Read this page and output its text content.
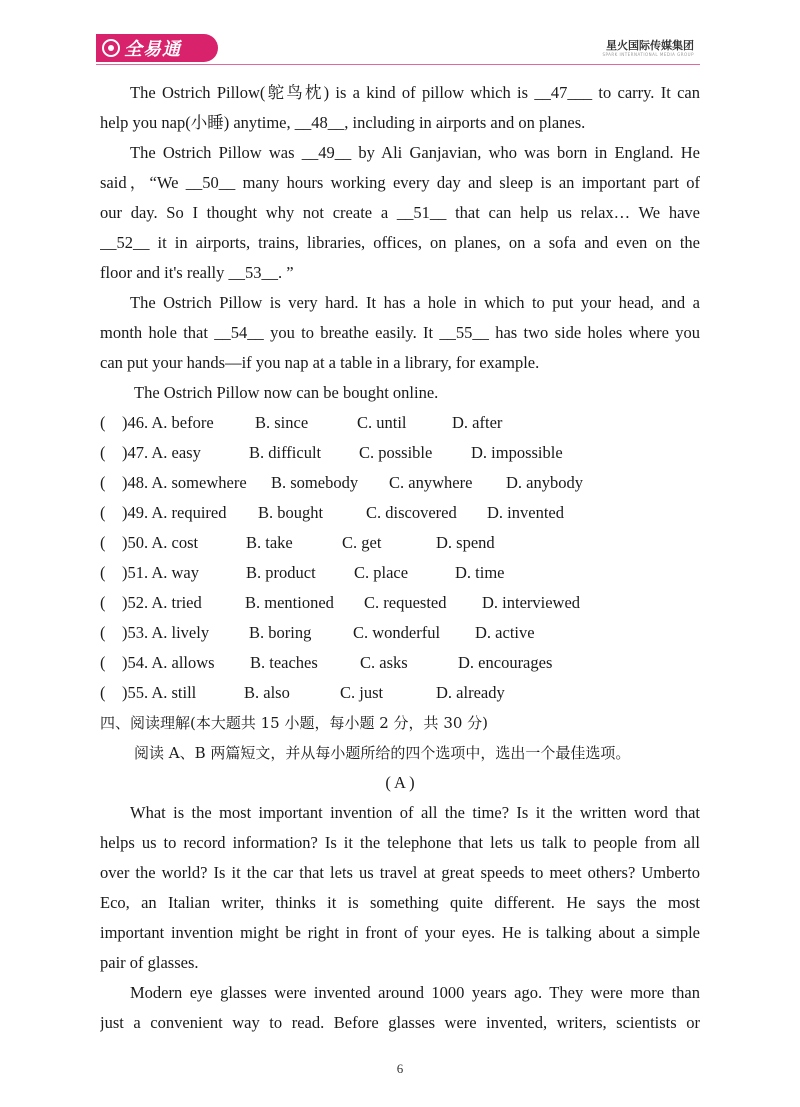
全易通	星火国际传媒集团
SPARK INTERNATIONAL MEDIA GROUP
The Ostrich Pillow(鸵鸟枕) is a kind of pillow which is __47___ to carry. It can
help you nap(小睡) anytime, __48__, including in airports and on planes.
The Ostrich Pillow was __49__ by Ali Ganjavian, who was born in England. He
said，“We __50__ many hours working every day and sleep is an important part of
our day. So I thought why not create a __51__ that can help us relax… We have
__52__ it in airports, trains, libraries, offices, on planes, on a sofa and even on the
floor and it's really __53__. ”
The Ostrich Pillow is very hard. It has a hole in which to put your head, and a
month hole that __54__ you to breathe easily. It __55__ has two side holes where you
can put your hands—if you nap at a table in a library, for example.
The Ostrich Pillow now can be bought online.
( )46. A. before	B. since	C. until	D. after
( )47. A. easy	B. difficult C. possible D. impossible
( )48. A. somewhere B. somebody C. anywhere D. anybody
( )49. A. required B. bought	C. discovered D. invented
( )50. A. cost	B. take	C. get	D. spend
( )51. A. way	B. product C. place	D. time
( )52. A. tried	B. mentioned C. requested D. interviewed
( )53. A. lively B. boring	C. wonderful D. active
( )54. A. allows B. teaches	C. asks	D. encourages
( )55. A. still	B. also	C. just	D. already
四、阅读理解(本大题共 15 小题，每小题 2 分，共 30 分)
阅读 A、B 两篇短文，并从每小题所给的四个选项中，选出一个最佳选项。
( A )
What is the most important invention of all the time? Is it the written word that
helps us to record information? Is it the telephone that lets us talk to people from all
over the world? Is it the car that lets us travel at great speeds to meet others? Umberto
Eco, an Italian writer, thinks it is something quite different. He says the most
important invention might be right in front of your eyes. He is talking about a simple
pair of glasses.
Modern eye glasses were invented around 1000 years ago. They were more than
just a convenient way to read. Before glasses were invented, writers, scientists or
6
